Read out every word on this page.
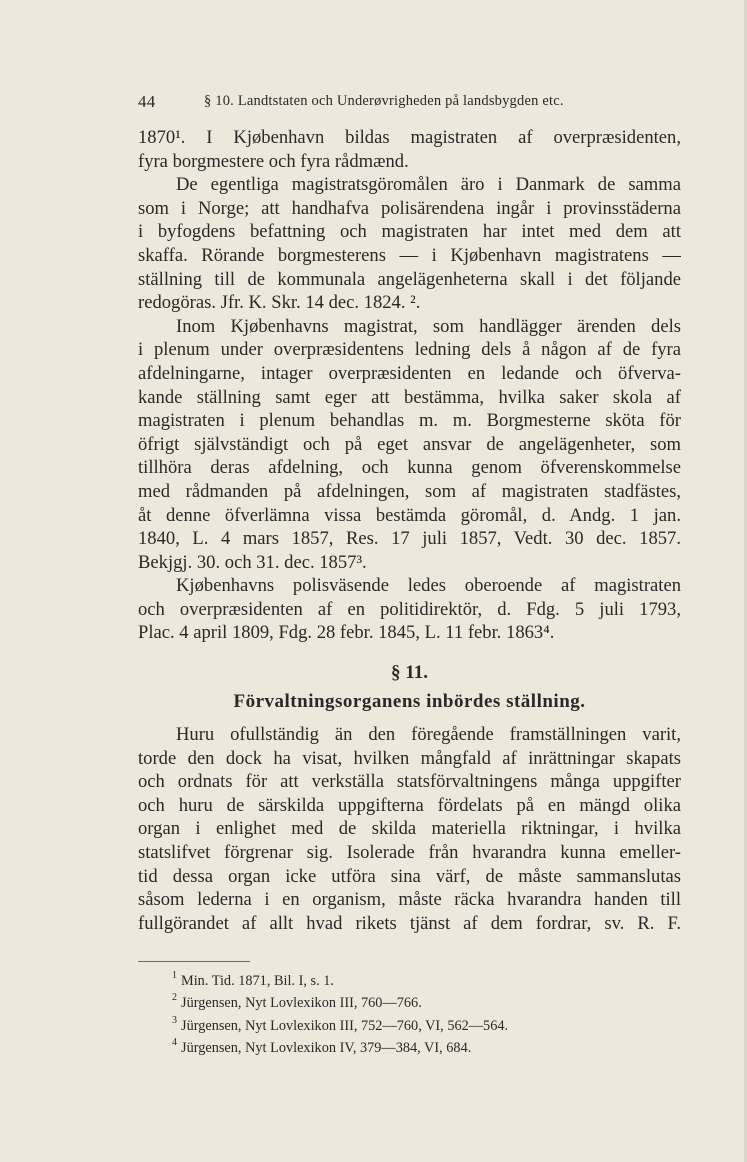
44	§ 10. Landtstaten och Underøvrigheden på landsbygden etc.
1870¹. I Kjøbenhavn bildas magistraten af overpræsidenten,
fyra borgmestere och fyra rådmænd.
De egentliga magistratsgöromålen äro i Danmark de samma
som i Norge; att handhafva polisärendena ingår i provinsstäderna
i byfogdens befattning och magistraten har intet med dem att
skaffa. Rörande borgmesterens — i Kjøbenhavn magistratens —
ställning till de kommunala angelägenheterna skall i det följande
redogöras. Jfr. K. Skr. 14 dec. 1824. ².
Inom Kjøbenhavns magistrat, som handlägger ärenden dels
i plenum under overpræsidentens ledning dels å någon af de fyra
afdelningarne, intager overpræsidenten en ledande och öfverva-
kande ställning samt eger att bestämma, hvilka saker skola af
magistraten i plenum behandlas m. m. Borgmesterne sköta för
öfrigt självständigt och på eget ansvar de angelägenheter, som
tillhöra deras afdelning, och kunna genom öfverenskommelse
med rådmanden på afdelningen, som af magistraten stadfästes,
åt denne öfverlämna vissa bestämda göromål, d. Andg. 1 jan.
1840, L. 4 mars 1857, Res. 17 juli 1857, Vedt. 30 dec. 1857.
Bekjgj. 30. och 31. dec. 1857³.
Kjøbenhavns polisväsende ledes oberoende af magistraten
och overpræsidenten af en politidirektör, d. Fdg. 5 juli 1793,
Plac. 4 april 1809, Fdg. 28 febr. 1845, L. 11 febr. 1863⁴.
§ 11.
Förvaltningsorganens inbördes ställning.
Huru ofullständig än den föregående framställningen varit,
torde den dock ha visat, hvilken mångfald af inrättningar skapats
och ordnats för att verkställa statsförvaltningens många uppgifter
och huru de särskilda uppgifterna fördelats på en mängd olika
organ i enlighet med de skilda materiella riktningar, i hvilka
statslifvet förgrenar sig. Isolerade från hvarandra kunna emeller-
tid dessa organ icke utföra sina värf, de måste sammanslutas
såsom lederna i en organism, måste räcka hvarandra handen till
fullgörandet af allt hvad rikets tjänst af dem fordrar, sv. R. F.
1 Min. Tid. 1871, Bil. I, s. 1.
2 Jürgensen, Nyt Lovlexikon III, 760—766.
3 Jürgensen, Nyt Lovlexikon III, 752—760, VI, 562—564.
4 Jürgensen, Nyt Lovlexikon IV, 379—384, VI, 684.
